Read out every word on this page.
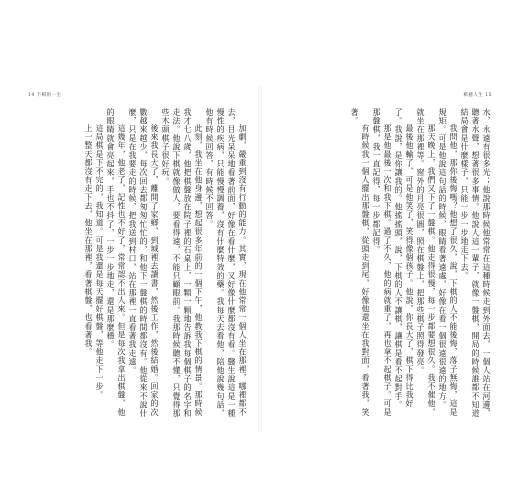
14 下棋的一生

加劇，嚴重到沒有行動的能力。其實，現在他常常一個人坐在那裡，哪裡都不去，目光呆呆地看著前面，好像在看什麼，又好像什麼都沒有看。醫生說這是一種慢性的疾病，只能慢慢調養，沒有什麼特效的藥。我每天去看他，陪他說幾句話，他有時候回答，有時候不回答。

此刻，我坐在他身邊，想起很多年前的一個下午，他教我下棋的情景。那時候我才七八歲，他把棋盤放在院子裡的石桌上，一顆一顆地告訴我每個棋子的名字和走法。他說下棋就像做人，要看得遠，不能只顧眼前。我那時候聽不懂，只覺得那些木頭棋子很好玩。

後來我長大了，離開了家鄉，到城裡去讀書，然後工作，然後結婚。回家的次數越來越少，每次回去都匆匆忙忙的，和他下一盤棋的時間都沒有。他從來不說什麼，只是在我要走的時候，把我送到村口，站在那裡一直看著我走遠。

這幾年，他老了，記性也不好了，常常認不出人來。但是每次我拿出棋盤，他的眼睛就會亮起來，手也不抖了，一步一步地走，還是那麼穩。

這局棋是下不完的，我知道。可是我還是每天擺好棋盤，等他走下一步。

上一整天都沒有走下去，他坐在那裡，看著棋盤，也看著我。

棋藝人生 15

水，永遠有很多光；他說那時候他常常在這種時候走到外面去，一個人站在河邊，聽著水聲，想著很多事情。他說人這一輩子，就像一盤棋，開局的時候誰都不知道結局會是什麼樣子，只能一步一步地走下去。

我問他，那你後悔嗎？他想了很久，說，下棋的人不能後悔，落子無悔，這是規矩。可是他說這句話的時候，眼睛看著遠處，好像在看一個很遠很遠的地方。

那天晚上，我們又下了一盤棋。他走得很慢，每一步都要想很久。我不催他，就坐在那裡等。窗外的月亮很圓，照在棋盤上，把那些棋子照得發亮。

最後他輸了，可是他笑了，笑得像個孩子。他說，你長大了，棋下得比我好了。我說，是你讓我的。他搖搖頭，說，下棋的人不讓棋，讓棋是看不起對手。

那是他最後一次和我下棋。過了不久，他的病就重了，再也拿不起棋子。可是那盤棋，我一直記得，每一步都記得。

有時候我一個人擺出那盤棋，從頭走到尾，好像他還坐在我對面，看著我，笑著。
